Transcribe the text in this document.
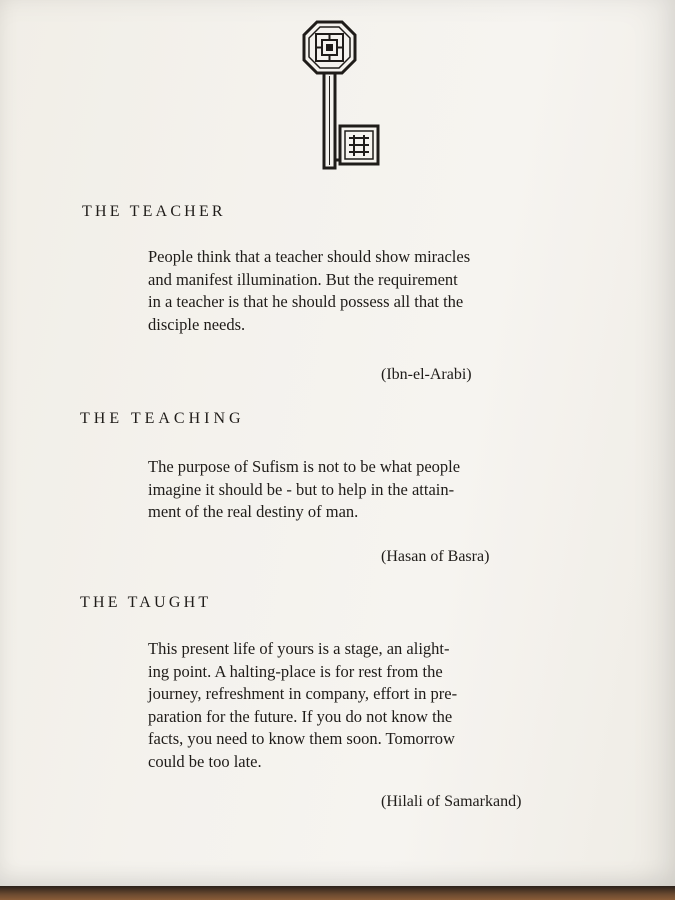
THE TEACHER
People think that a teacher should show miracles
and manifest illumination. But the requirement
in a teacher is that he should possess all that the
disciple needs.

(Ibn-el-Arabi)

THE TEACHING
The purpose of Sufism is not to be what people
imagine it should be - but to help in the attain-
ment of the real destiny of man.

(Hasan of Basra)

THE TAUGHT
This present life of yours is a stage, an alight-
ing point. A halting-place is for rest from the
journey, refreshment in company, effort in pre-
paration for the future. If you do not know the
facts, you need to know them soon. Tomorrow
could be too late.

(Hilali of Samarkand)
